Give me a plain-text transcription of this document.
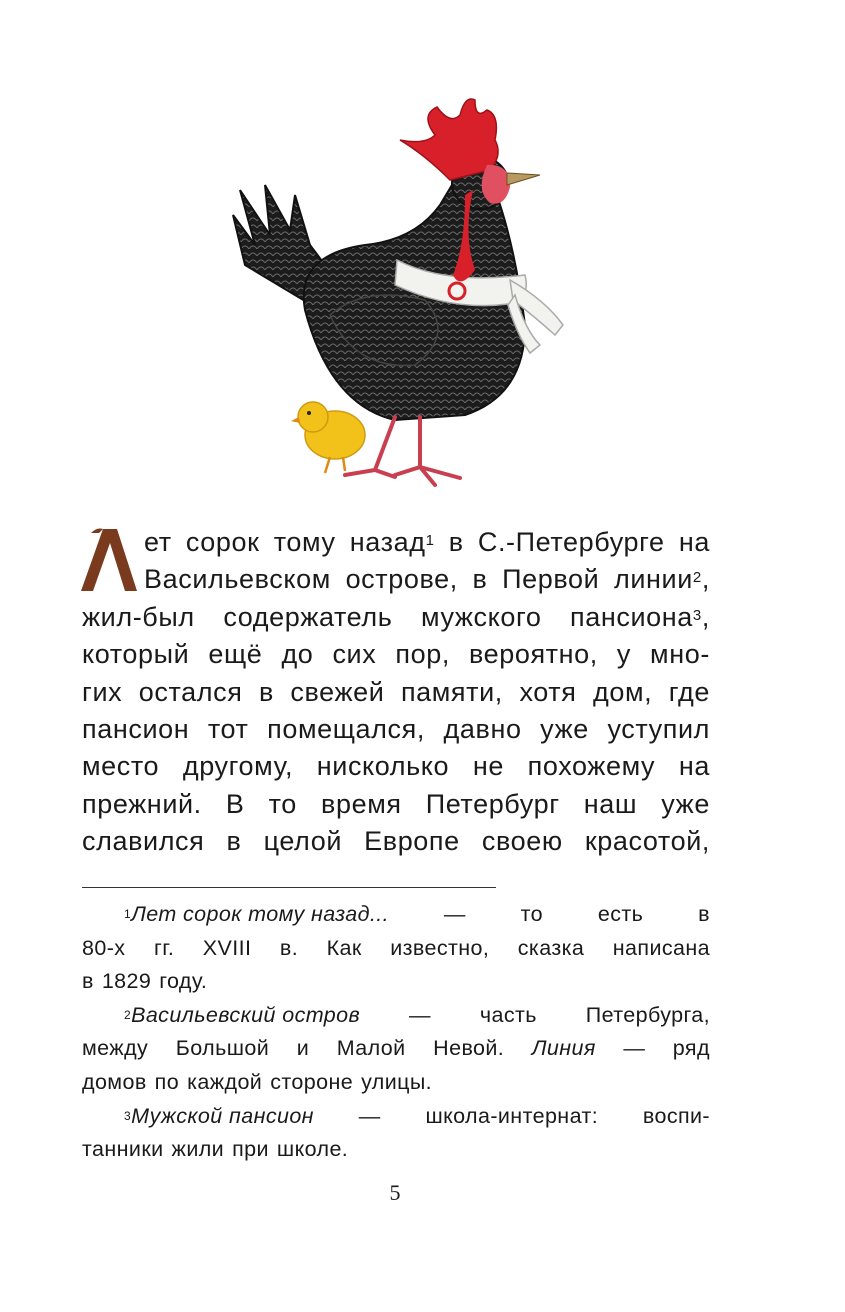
ет сорок тому назад$^1$ в С.-Петербурге на
Васильевском острове, в Первой линии$^2$,
жил-был содержатель мужского пансиона$^3$,
который ещё до сих пор, вероятно, у мно-
гих остался в свежей памяти, хотя дом, где
пансион тот помещался, давно уже уступил
место другому, нисколько не похожему на
прежний. В то время Петербург наш уже
славился в целой Европе своею красотой,
$^1$Лет сорок тому назад...	—	то	есть	в
80-х гг. XVIII в. Как известно, сказка написана
в 1829 году.
$^2$Васильевский остров — часть Петербурга,
между Большой и Малой Невой. Линия — ряд
домов по каждой стороне улицы.
$^3$Мужской пансион — школа-интернат: воспи-
танники жили при школе.
5
